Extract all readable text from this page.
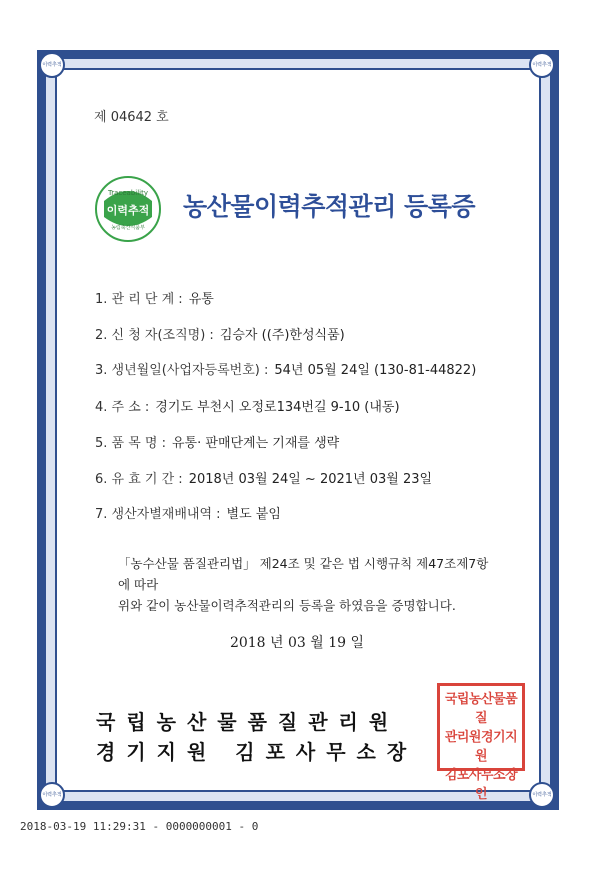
이력추적	이력추적
이력추적	이력추적
제 04642 호
Traceability
이력추적
농림축산식품부
농산물이력추적관리 등록증
1. 관 리 단 계 : 유통
2. 신 청 자(조직명) : 김승자 ((주)한성식품)
3. 생년월일(사업자등록번호) : 54년 05월 24일 (130-81-44822)
4. 주 소 : 경기도 부천시 오정로134번길 9-10 (내동)
5. 품 목 명 : 유통· 판매단계는 기재를 생략
6. 유 효 기 간 : 2018년 03월 24일 ~ 2021년 03월 23일
7. 생산자별재배내역 : 별도 붙임
「농수산물 품질관리법」 제24조 및 같은 법 시행규칙 제47조제7항에 따라
위와 같이 농산물이력추적관리의 등록을 하였음을 증명합니다.
2018 년 03 월 19 일
국립농산물품질관리원
경기지원 김포사무소장
국립농산물품질
관리원경기지원
김포사무소장인
2018-03-19 11:29:31 - 0000000001 - 0
